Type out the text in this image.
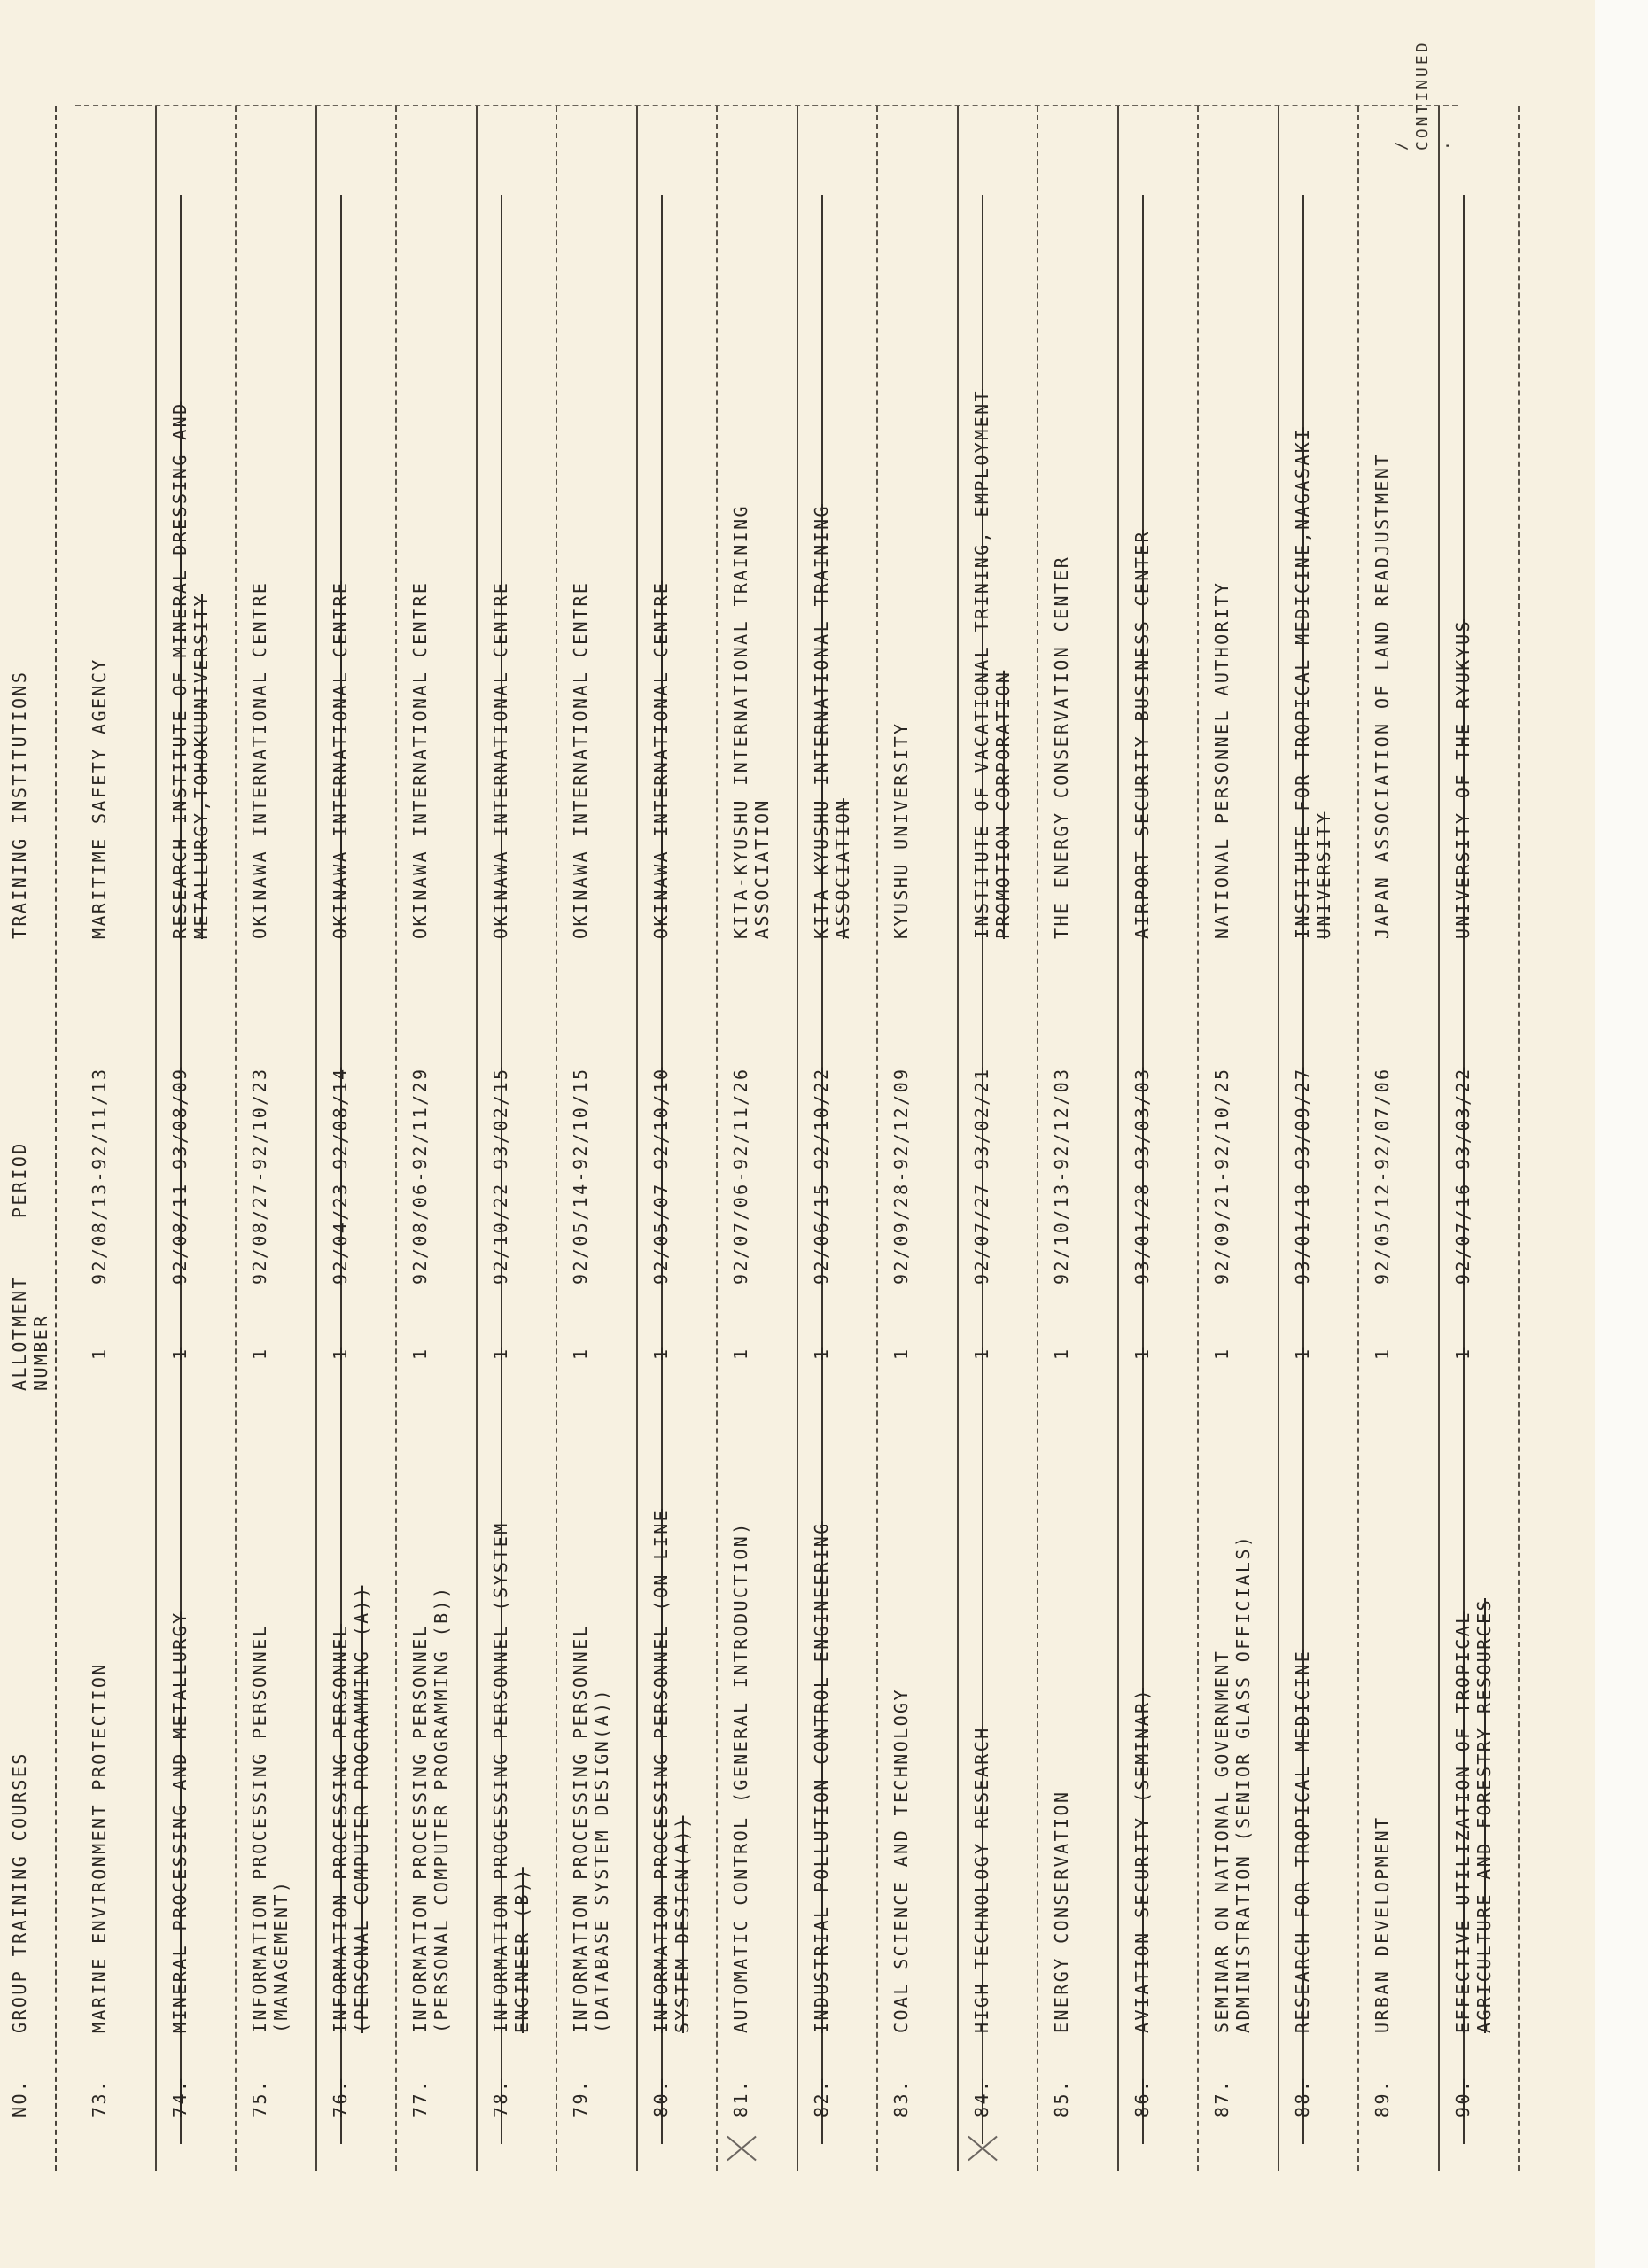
NO.
GROUP TRAINING COURSES
ALLOTMENT NUMBER
PERIOD
TRAINING INSTITUTIONS
73.
MARINE ENVIRONMENT PROTECTION
1
92/08/13-92/11/13
MARITIME SAFETY AGENCY
74.
MINERAL PROCESSING AND METALLURGY
1
92/08/11-93/08/09
RESEARCH INSTITUTE OF MINERAL DRESSING AND METALLURGY,TOHOKUUNIVERSITY
75.
INFORMATION PROCESSING PERSONNEL (MANAGEMENT)
1
92/08/27-92/10/23
OKINAWA INTERNATIONAL CENTRE
76.
INFORMATION PROCESSING PERSONNEL (PERSONAL COMPUTER PROGRAMMING (A))
1
92/04/23-92/08/14
OKINAWA INTERNATIONAL CENTRE
77.
INFORMATION PROCESSING PERSONNEL (PERSONAL COMPUTER PROGRAMMING (B))
1
92/08/06-92/11/29
OKINAWA INTERNATIONAL CENTRE
78.
INFORMATION PROGESSING PERSONNEL (SYSTEM ENGINEER (B))
1
92/10/22-93/02/15
OKINAWA INTERNATIONAL CENTRE
79.
INFORMATION PROCESSING PERSONNEL (DATABASE SYSTEM DESIGN(A))
1
92/05/14-92/10/15
OKINAWA INTERNATIONAL CENTRE
80.
INFORMATION PROCESSING PERSONNEL (ON LINE SYSTEM DESIGN(A))
1
92/05/07-92/10/10
OKINAWA INTERNATIONAL CENTRE
81.
AUTOMATIC CONTROL (GENERAL INTRODUCTION)
1
92/07/06-92/11/26
KITA-KYUSHU INTERNATIONAL TRAINING ASSOCIATION
82.
INDUSTRIAL POLLUTION CONTROL ENGINEERING
1
92/06/15-92/10/22
KITA-KYUSHU INTERNATIONAL TRAINING ASSOCIATION
83.
COAL SCIENCE AND TECHNOLOGY
1
92/09/28-92/12/09
KYUSHU UNIVERSITY
84.
HIGH TECHNOLOGY RESEARCH
1
92/07/27-93/02/21
INSTITUTE OF VACATIONAL TRINING, EMPLOYMENT PROMOTION CORPORATION
85.
ENERGY CONSERVATION
1
92/10/13-92/12/03
THE ENERGY CONSERVATION CENTER
86.
AVIATION SECURITY (SEMINAR)
1
93/01/28-93/03/03
AIRPORT SECURITY BUSINESS CENTER
87.
SEMINAR ON NATIONAL GOVERNMENT ADMINISTRATION (SENIOR GLASS OFFICIALS)
1
92/09/21-92/10/25
NATIONAL PERSONNEL AUTHORITY
88.
RESEARCH FOR TROPICAL MEDICINE
1
93/01/18-93/09/27
INSTITUTE FOR TROPICAL MEDICINE,NAGASAKI UNIVERSITY
89.
URBAN DEVELOPMENT
1
92/05/12-92/07/06
JAPAN ASSOCIATION OF LAND READJUSTMENT
90.
EFFECTIVE UTILIZATION OF TROPICAL AGRICULTURE AND FORESTRY RESOURCES
1
92/07/16-93/03/22
UNIVERSITY OF THE RYUKYUS
/ CONTINUED .
